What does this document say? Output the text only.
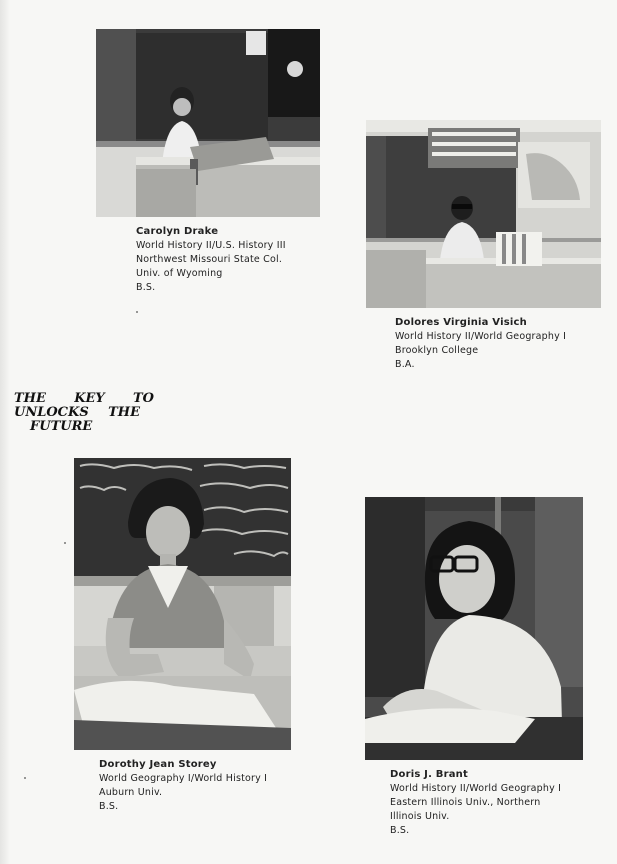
Carolyn Drake
World History II/U.S. History III
Northwest Missouri State Col.
Univ. of Wyoming
B.S.
Dolores Virginia Visich
World History II/World Geography I
Brooklyn College
B.A.
THE KEY TO
UNLOCKS THE
FUTURE
Dorothy Jean Storey
World Geography I/World History I
Auburn Univ.
B.S.
Doris J. Brant
World History II/World Geography I
Eastern Illinois Univ., Northern
Illinois Univ.
B.S.
